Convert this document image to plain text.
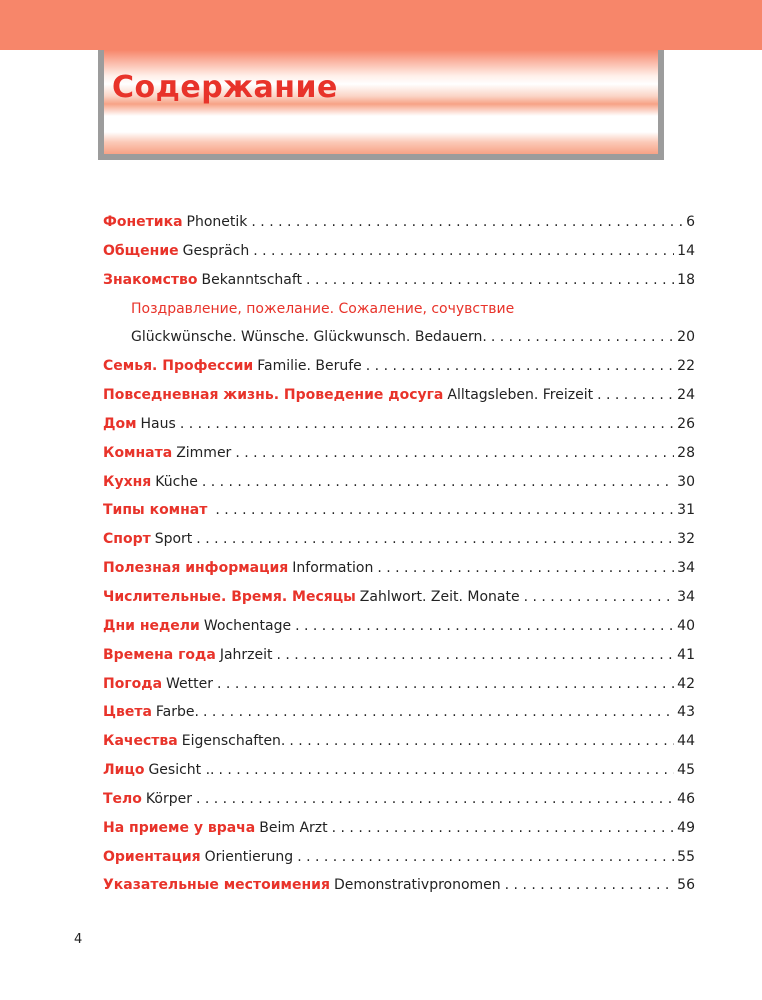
Содержание
Фонетика Phonetik . . .	6
Общение Gespräch . . .	14
Знакомство Bekanntschaft . . .	18
Поздравление, пожелание. Сожаление, сочувствие
Glückwünsche. Wünsche. Glückwunsch. Bedauern. . . .	20
Семья. Профессии Familie. Berufe . . .	22
Повседневная жизнь. Проведение досуга Alltagsleben. Freizeit . . .	24
Дом Haus . . .	26
Комната Zimmer . . .	28
Кухня Küche . . .	30
Типы комнат . . .	31
Спорт Sport . . .	32
Полезная информация Information . . .	34
Числительные. Время. Месяцы Zahlwort. Zeit. Monate . . .	34
Дни недели Wochentage . . .	40
Времена года Jahrzeit . . .	41
Погода Wetter . . .	42
Цвета Farbe. . . .	43
Качества Eigenschaften. . . .	44
Лицо Gesicht .. . . .	45
Тело Körper . . .	46
На приеме у врача Beim Arzt . . .	49
Ориентация Orientierung . . .	55
Указательные местоимения Demonstrativpronomen . . .	56
4
